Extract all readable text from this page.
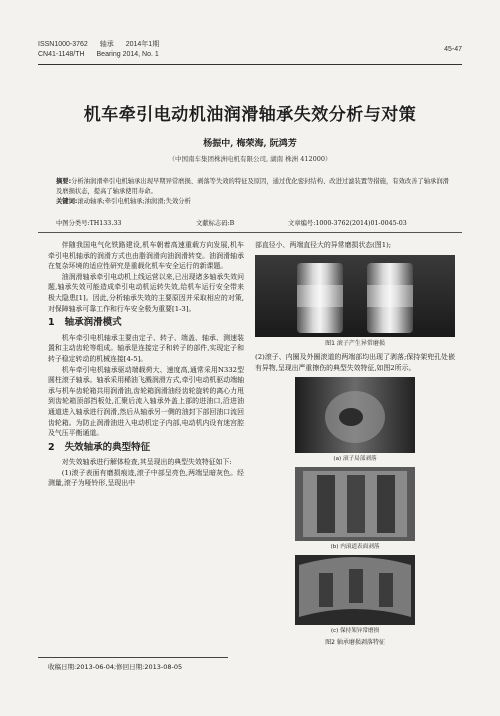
ISSN1000-3762 轴承 2014年1期
CN41-1148/TH Bearing 2014, No. 1
45-47
机车牵引电动机油润滑轴承失效分析与对策
杨振中, 梅荣海, 阮鸿芳
（中国南车集团株洲电机有限公司, 湖南 株洲 412000）
摘要:分析油润滑牵引电机轴承出现早期异常磨损、剥落等失效的特征及原因，通过优化密封结构、改进过滤装置等措施，有效改善了轴承润滑及磨损状态，提高了轴承使用寿命。
关键词:滚动轴承;牵引电机轴承;油润滑;失效分析
中图分类号:TH133.33	文献标志码:B	文章编号:1000-3762(2014)01-0045-03

伴随我国电气化铁路建设,机车朝着高速重载方向发展,机车牵引电机轴承的润滑方式也由脂润滑向油润滑转变。油润滑轴承在复杂环境的适应性研究是重载化机车安全运行的新课题。

油润滑轴承牵引电动机上线运营以来,已出现诸多轴承失效问题,轴承失效可能造成牵引电动机运转失效,给机车运行安全带来极大隐患[1]。因此,分析轴承失效的主要原因并采取相应的对策,对保障轴承可靠工作和行车安全极为重要[1-3]。

1 轴承润滑模式

机车牵引电机轴承主要由定子、转子、端盖、轴承、测速装置和主动齿轮等组成。轴承是连接定子和转子的部件,实现定子和转子稳定转动的机械连接[4-5]。

机车牵引电机轴承驱动端载荷大、速度高,通常采用N332型圆柱滚子轴承。轴承采用稀油飞溅润滑方式,牵引电动机驱动端轴承与机车齿轮箱共用润滑油,齿轮箱润滑油经齿轮旋转的离心力甩到齿轮箱顶部挡板处,汇聚后流入轴承外盖上部的进油口,沿进油通道进入轴承进行润滑,然后从轴承另一侧的油封下部回油口流回齿轮箱。为防止润滑油进入电动机定子内部,电动机内设有迷宫腔及气压平衡通道。

2 失效轴承的典型特征

对失效轴承进行解体检查,其呈现出的典型失效特征如下:

(1)滚子表面有磨损痕迹,滚子中部呈亮色,两端呈暗灰色。经测量,滚子为哑铃形,呈现出中

部直径小、两端直径大的异常磨损状态(图1);

图1 滚子产生异常磨损

(2)滚子、内圈及外圈滚道的两端部均出现了剥落;保持架兜孔处嵌有异物,呈现出严重擦伤的典型失效特征,如图2所示。

(a) 滚子局部剥落
(b) 内滚道表面剥落
(c) 保持架异常磨损
图2 轴承磨损剥落特征
收稿日期:2013-06-04;修回日期:2013-08-05
